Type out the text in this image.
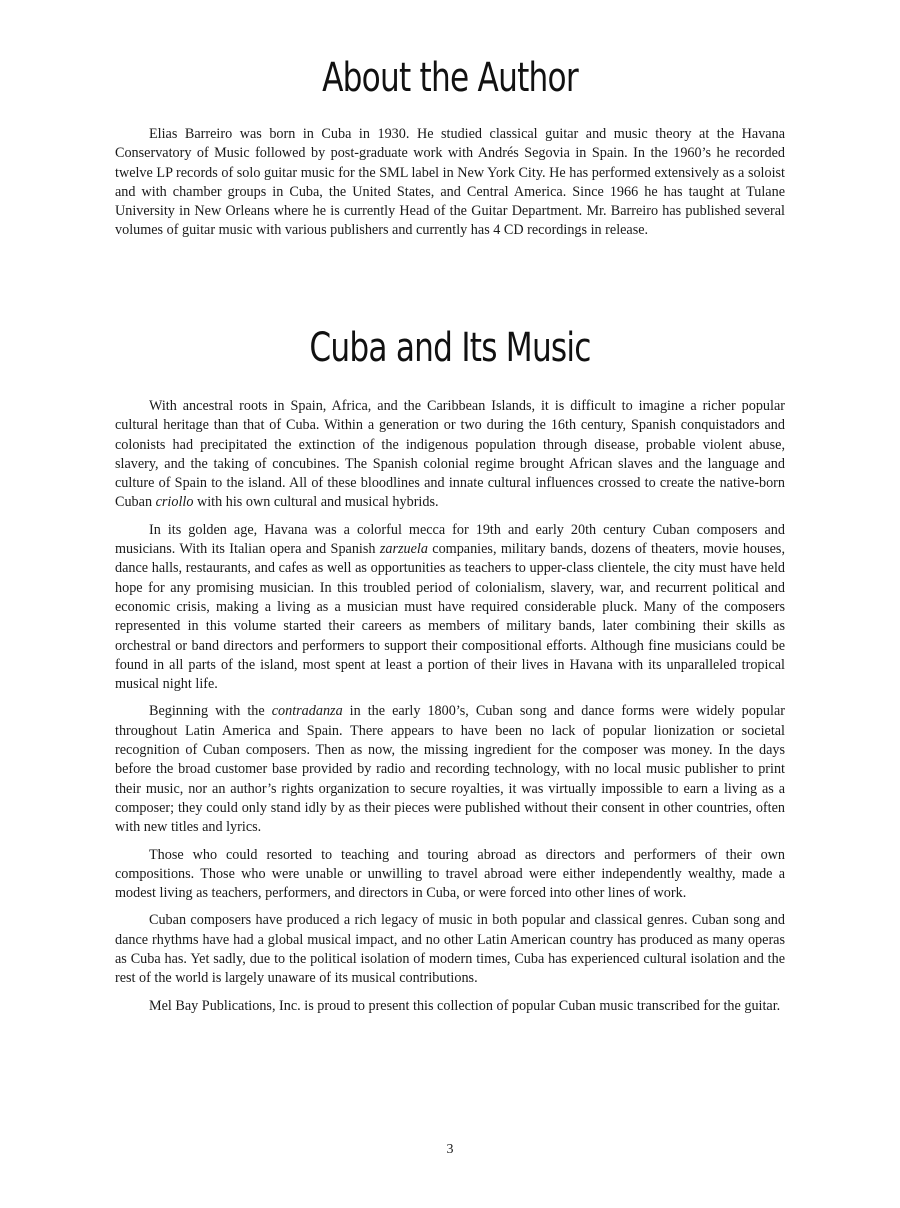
About the Author

Elias Barreiro was born in Cuba in 1930. He studied classical guitar and music theory at the Havana Conservatory of Music followed by post-graduate work with Andrés Segovia in Spain. In the 1960’s he recorded twelve LP records of solo guitar music for the SML label in New York City. He has performed extensively as a soloist and with chamber groups in Cuba, the United States, and Central America. Since 1966 he has taught at Tulane University in New Orleans where he is currently Head of the Guitar Department. Mr. Barreiro has published several volumes of guitar music with various publishers and currently has 4 CD recordings in release.

Cuba and Its Music

With ancestral roots in Spain, Africa, and the Caribbean Islands, it is difficult to imagine a richer popular cultural heritage than that of Cuba. Within a generation or two during the 16th century, Spanish conquistadors and colonists had precipitated the extinction of the indigenous population through disease, probable violent abuse, slavery, and the taking of concubines. The Spanish colonial regime brought African slaves and the language and culture of Spain to the island. All of these bloodlines and innate cultural influences crossed to create the native-born Cuban criollo with his own cultural and musical hybrids.

In its golden age, Havana was a colorful mecca for 19th and early 20th century Cuban composers and musicians. With its Italian opera and Spanish zarzuela companies, military bands, dozens of theaters, movie houses, dance halls, restaurants, and cafes as well as opportunities as teachers to upper-class clientele, the city must have held hope for any promising musician. In this troubled period of colonialism, slavery, war, and recurrent political and economic crisis, making a living as a musician must have required considerable pluck. Many of the composers represented in this volume started their careers as members of military bands, later combining their skills as orchestral or band directors and performers to support their compositional efforts. Although fine musicians could be found in all parts of the island, most spent at least a portion of their lives in Havana with its unparalleled tropical musical night life.

Beginning with the contradanza in the early 1800’s, Cuban song and dance forms were widely popular throughout Latin America and Spain. There appears to have been no lack of popular lionization or societal recognition of Cuban composers. Then as now, the missing ingredient for the composer was money. In the days before the broad customer base provided by radio and recording technology, with no local music publisher to print their music, nor an author’s rights organization to secure royalties, it was virtually impossible to earn a living as a composer; they could only stand idly by as their pieces were published without their consent in other countries, often with new titles and lyrics.

Those who could resorted to teaching and touring abroad as directors and performers of their own compositions. Those who were unable or unwilling to travel abroad were either independently wealthy, made a modest living as teachers, performers, and directors in Cuba, or were forced into other lines of work.

Cuban composers have produced a rich legacy of music in both popular and classical genres. Cuban song and dance rhythms have had a global musical impact, and no other Latin American country has produced as many operas as Cuba has. Yet sadly, due to the political isolation of modern times, Cuba has experienced cultural isolation and the rest of the world is largely unaware of its musical contributions.

Mel Bay Publications, Inc. is proud to present this collection of popular Cuban music transcribed for the guitar.

3
